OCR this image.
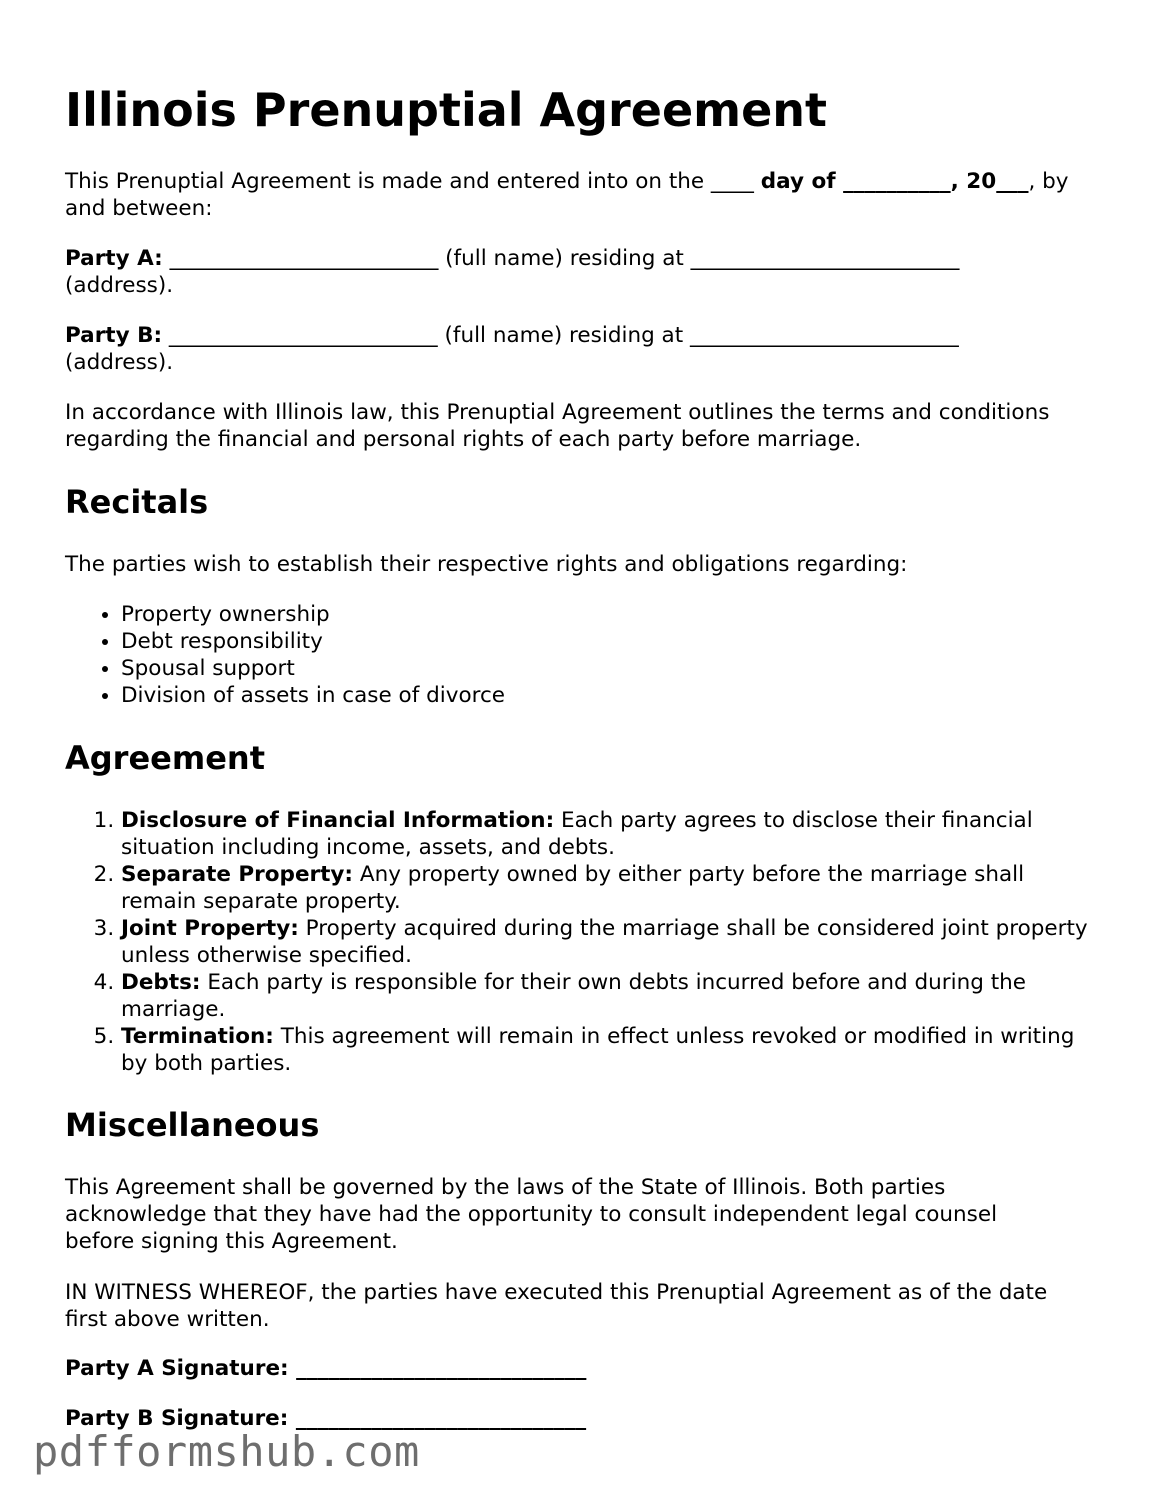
Illinois Prenuptial Agreement

This Prenuptial Agreement is made and entered into on the ____ day of __________, 20___, by and between:

Party A: _________________________ (full name) residing at _________________________
(address).

Party B: _________________________ (full name) residing at _________________________
(address).

In accordance with Illinois law, this Prenuptial Agreement outlines the terms and conditions regarding the financial and personal rights of each party before marriage.

Recitals

The parties wish to establish their respective rights and obligations regarding:

• Property ownership
• Debt responsibility
• Spousal support
• Division of assets in case of divorce
Agreement
1. Disclosure of Financial Information: Each party agrees to disclose their financial situation including income, assets, and debts.
2. Separate Property: Any property owned by either party before the marriage shall remain separate property.
3. Joint Property: Property acquired during the marriage shall be considered joint property unless otherwise specified.
4. Debts: Each party is responsible for their own debts incurred before and during the marriage.
5. Termination: This agreement will remain in effect unless revoked or modified in writing by both parties.
Miscellaneous

This Agreement shall be governed by the laws of the State of Illinois. Both parties acknowledge that they have had the opportunity to consult independent legal counsel before signing this Agreement.

IN WITNESS WHEREOF, the parties have executed this Prenuptial Agreement as of the date first above written.

Party A Signature: ___________________________

Party B Signature: ___________________________

pdfformshub.com
